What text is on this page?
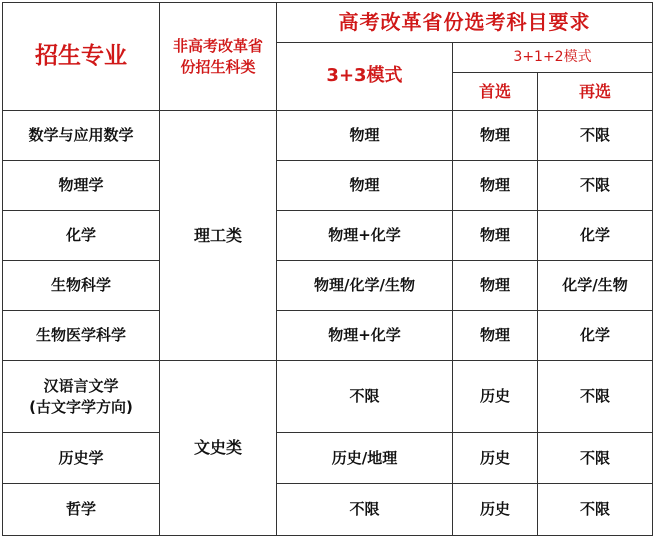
招生专业	非高考改革省
份招生科类	高考改革省份选考科目要求		
		3+3模式	3+1+2模式	
			首选	再选
数学与应用数学	理工类	物理	物理	不限
物理学		物理	物理	不限
化学		物理+化学	物理	化学
生物科学		物理/化学/生物	物理	化学/生物
生物医学科学		物理+化学	物理	化学

汉语言文学
(古文字学方向)	文史类	不限	历史	不限
历史学		历史/地理	历史	不限
哲学		不限	历史	不限
